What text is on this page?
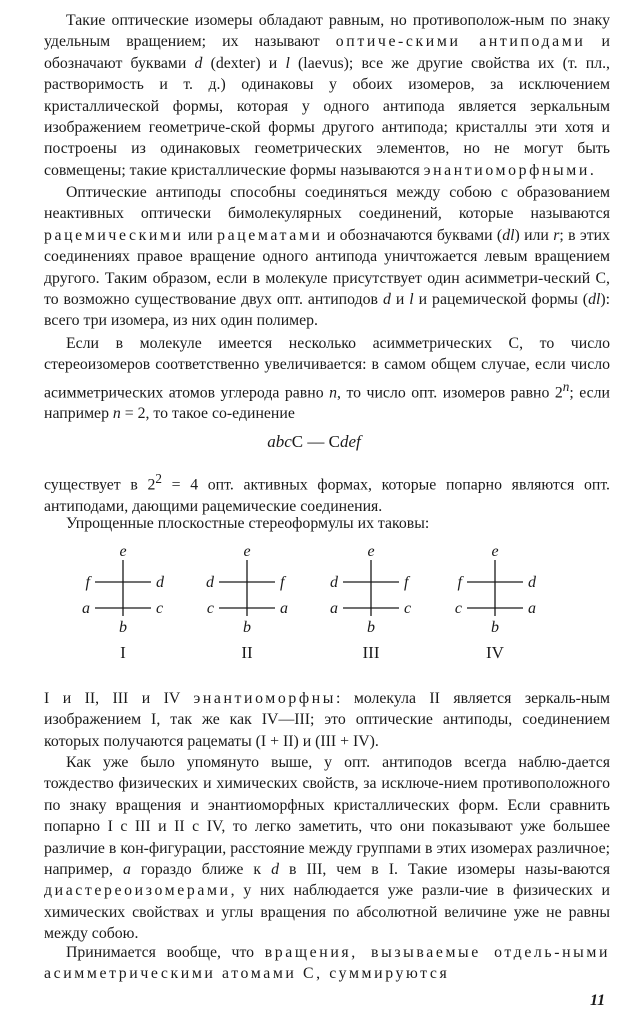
Такие оптические изомеры обладают равным, но противополож-ным по знаку удельным вращением; их называют оптиче-скими антиподами и обозначают буквами d (dexter) и l (laevus); все же другие свойства их (т. пл., растворимость и т. д.) одинаковы у обоих изомеров, за исключением кристаллической формы, которая у одного антипода является зеркальным изображением геометриче-ской формы другого антипода; кристаллы эти хотя и построены из одинаковых геометрических элементов, но не могут быть совмещены; такие кристаллические формы называются энантиоморфными.

Оптические антиподы способны соединяться между собою с образованием неактивных оптически бимолекулярных соединений, которые называются рацемическими или рацематами и обозначаются буквами (dl) или r; в этих соединениях правое вращение одного антипода уничтожается левым вращением другого. Таким образом, если в молекуле присутствует один асимметри-ческий С, то возможно существование двух опт. антиподов d и l и рацемической формы (dl): всего три изомера, из них один полимер.

Если в молекуле имеется несколько асимметрических С, то число стереоизомеров соответственно увеличивается: в самом общем случае, если число асимметрических атомов углерода равно n, то число опт. изомеров равно 2$^n$; если например n = 2, то такое со-единение

abcC — Cdef

существует в $2^2 = 4$ опт. активных формах, которые попарно являются опт. антиподами, дающими рацемические соединения.

Упрощенные плоскостные стереоформулы их таковы:

e
b
f	d
a	c
I
e
b
d	f
c	a
II
e
b
d	f
a	c
III
e
b
f	d
c	a
IV

I и II, III и IV энантиоморфны: молекула II является зеркаль-ным изображением I, так же как IV—III; это оптические антиподы, соединением которых получаются рацематы (I + II) и (III + IV).

Как уже было упомянуто выше, у опт. антиподов всегда наблю-дается тождество физических и химических свойств, за исключе-нием противоположного по знаку вращения и энантиоморфных кристаллических форм. Если сравнить попарно I с III и II с IV, то легко заметить, что они показывают уже большее различие в кон-фигурации, расстояние между группами в этих изомерах различное; например, a гораздо ближе к d в III, чем в I. Такие изомеры назы-ваются диастереоизомерами, у них наблюдается уже разли-чие в физических и химических свойствах и углы вращения по абсолютной величине уже не равны между собою.

Принимается вообще, что вращения, вызываемые отдель-ными асимметрическими атомами С, суммируются

11
